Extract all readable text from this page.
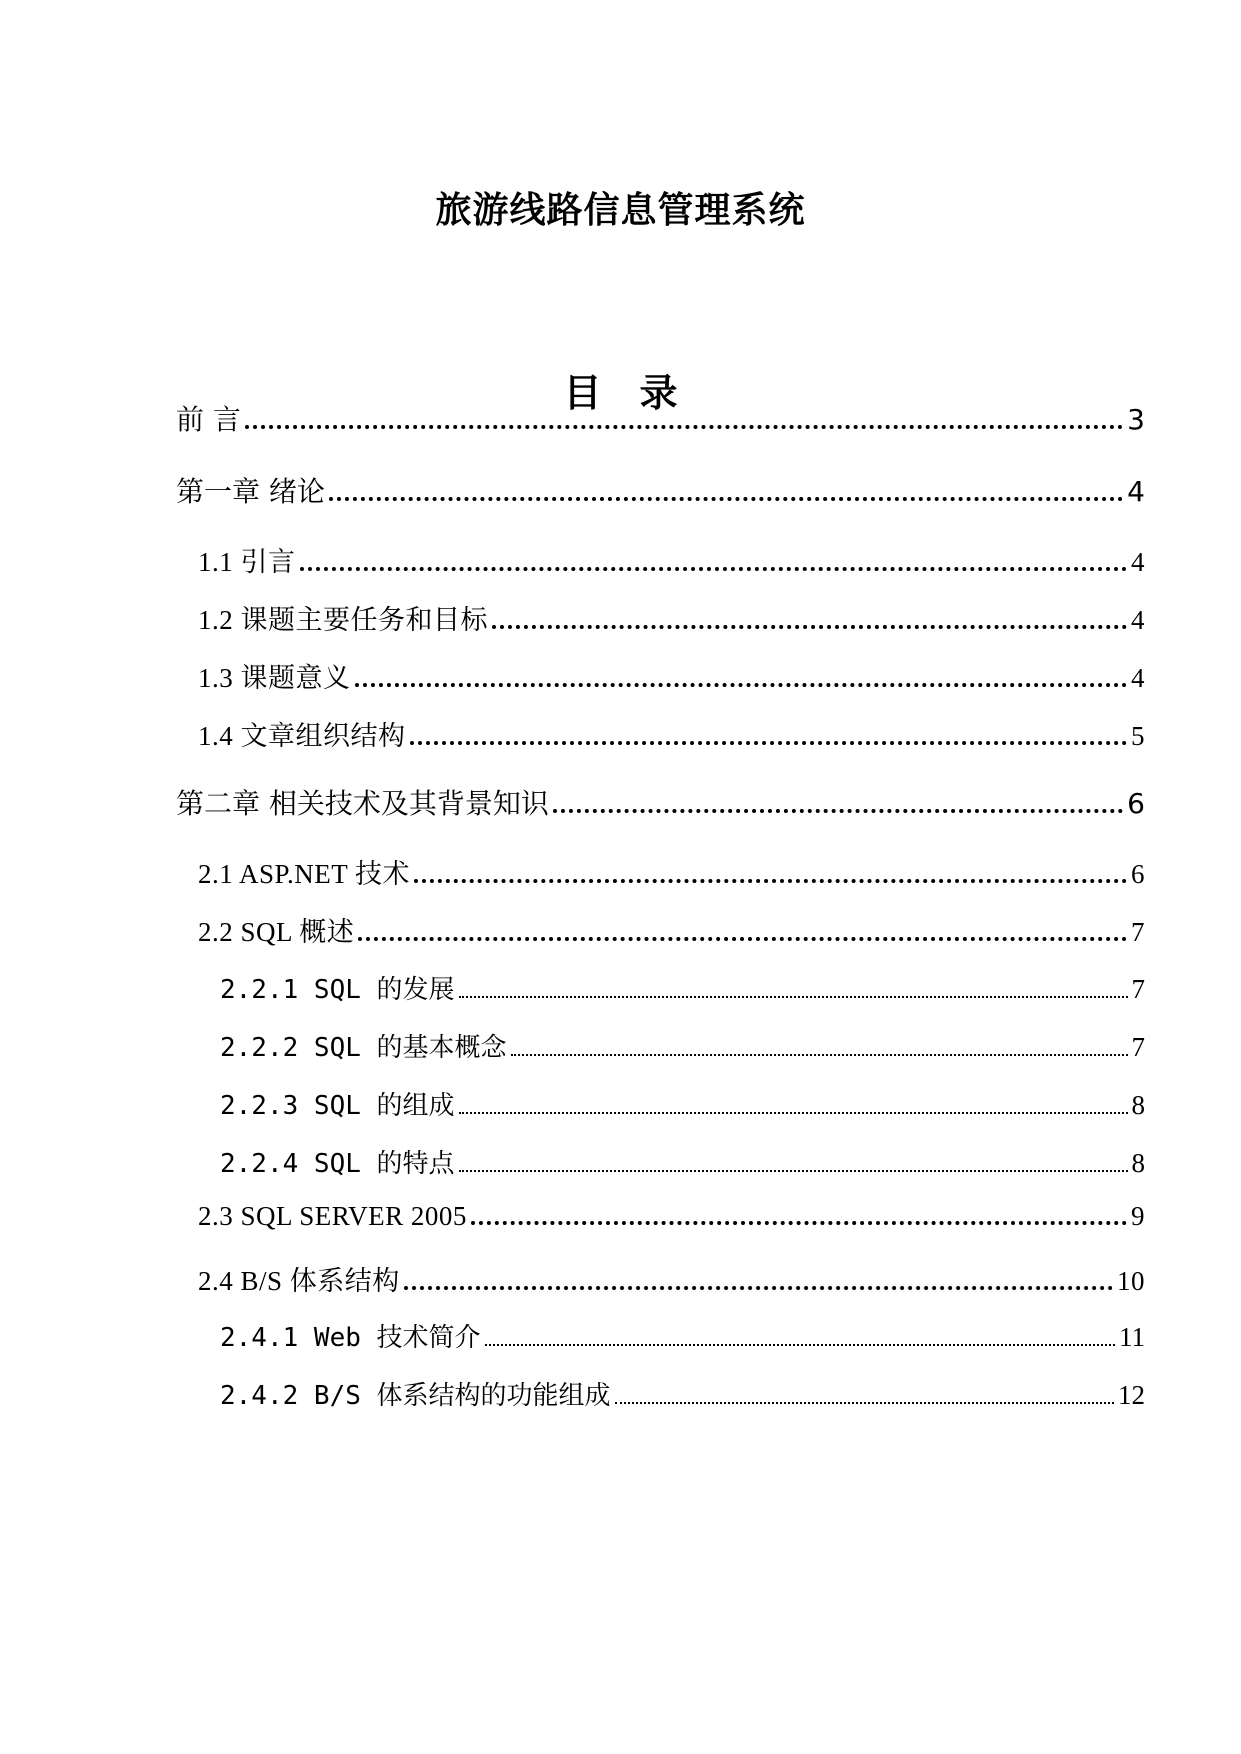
旅游线路信息管理系统
目　录
前 言	3
第一章 绪论	4
1.1 引言	4
1.2 课题主要任务和目标	4
1.3 课题意义	4
1.4 文章组织结构	5
第二章 相关技术及其背景知识	6
2.1 ASP.NET 技术	6
2.2 SQL 概述	7
2.2.1 SQL 的发展	7
2.2.2 SQL 的基本概念	7
2.2.3 SQL 的组成	8
2.2.4 SQL 的特点	8
2.3 SQL SERVER 2005	9
2.4 B/S 体系结构	10
2.4.1 Web 技术简介	11
2.4.2 B/S 体系结构的功能组成	12
